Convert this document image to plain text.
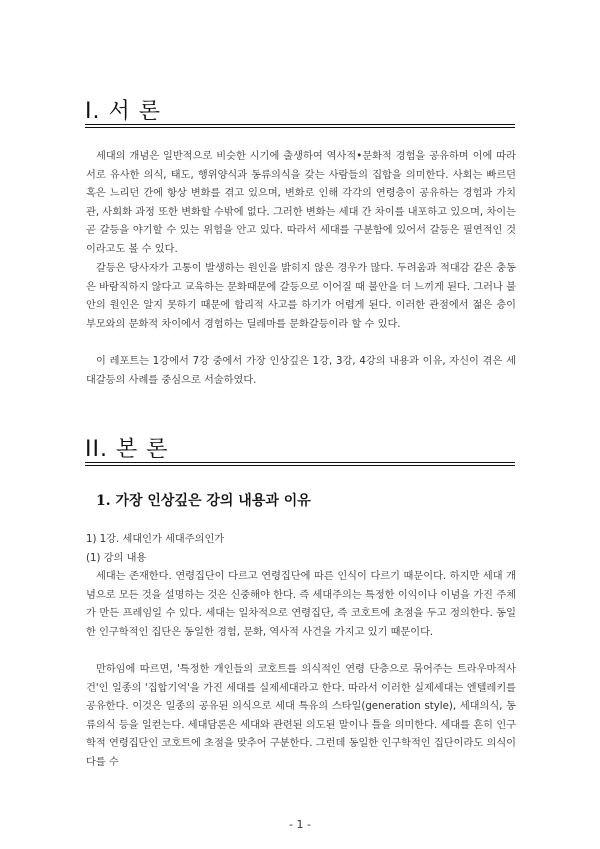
I. 서 론

세대의 개념은 일반적으로 비슷한 시기에 출생하여 역사적•문화적 경험을 공유하며 이에 따라 서로 유사한 의식, 태도, 행위양식과 동류의식을 갖는 사람들의 집합을 의미한다. 사회는 빠르던 혹은 느리던 간에 항상 변화를 겪고 있으며, 변화로 인해 각각의 연령층이 공유하는 경험과 가치관, 사회화 과정 또한 변화할 수밖에 없다. 그러한 변화는 세대 간 차이를 내포하고 있으며, 차이는 곧 갈등을 야기할 수 있는 위험을 안고 있다. 따라서 세대를 구분함에 있어서 갈등은 필연적인 것이라고도 볼 수 있다.

갈등은 당사자가 고통이 발생하는 원인을 밝히지 않은 경우가 많다. 두려움과 적대감 같은 충동은 바람직하지 않다고 교육하는 문화때문에 갈등으로 이어질 때 불안을 더 느끼게 된다. 그러나 불안의 원인은 알지 못하기 때문에 합리적 사고를 하기가 어렵게 된다. 이러한 관점에서 젊은 층이 부모와의 문화적 차이에서 경험하는 딜레마를 문화갈등이라 할 수 있다.

이 레포트는 1강에서 7강 중에서 가장 인상깊은 1강, 3강, 4강의 내용과 이유, 자신이 겪은 세대갈등의 사례를 중심으로 서술하였다.

II. 본 론
1. 가장 인상깊은 강의 내용과 이유

1) 1강. 세대인가 세대주의인가

(1) 강의 내용

세대는 존재한다. 연령집단이 다르고 연령집단에 따른 인식이 다르기 때문이다. 하지만 세대 개념으로 모든 것을 설명하는 것은 신중해야 한다. 즉 세대주의는 특정한 이익이나 이념을 가진 주체가 만든 프레임일 수 있다. 세대는 일차적으로 연령집단, 즉 코호트에 초점을 두고 정의한다. 동일한 인구학적인 집단은 동일한 경험, 문화, 역사적 사건을 가지고 있기 때문이다.

만하임에 따르면, '특정한 개인들의 코호트를 의식적인 연령 단층으로 묶어주는 트라우마적사건'인 일종의 '집합기억'을 가진 세대를 실제세대라고 한다. 따라서 이러한 실제세대는 엔텔레키를 공유한다. 이것은 일종의 공유된 의식으로 세대 특유의 스타일(generation style), 세대의식, 동류의식 등을 일컫는다. 세대담론은 세대와 관련된 의도된 말이나 틀을 의미한다. 세대를 흔히 인구학적 연령집단인 코호트에 초점을 맞추어 구분한다. 그런데 동일한 인구학적인 집단이라도 의식이 다를 수

- 1 -
